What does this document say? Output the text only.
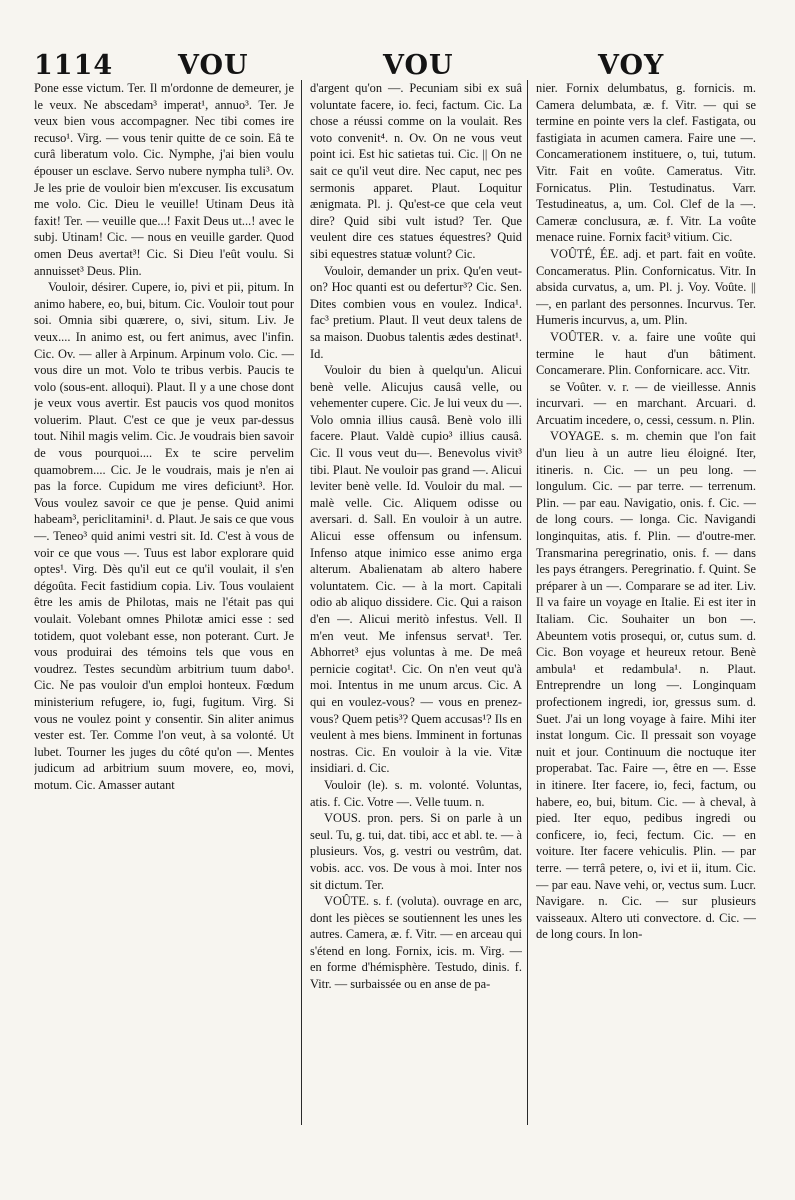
1114 VOU	VOU	VOY

Pone esse victum. Ter. Il m'ordonne de demeurer, je le veux. Ne abscedam³ imperat¹, annuo³. Ter. Je veux bien vous accompagner. Nec tibi comes ire recuso¹. Virg. — vous tenir quitte de ce soin. Eâ te curâ liberatum volo. Cic. Nymphe, j'ai bien voulu épouser un esclave. Servo nubere nympha tuli³. Ov. Je les prie de vouloir bien m'excuser. Iis excusatum me volo. Cic. Dieu le veuille! Utinam Deus ità faxit! Ter. — veuille que...! Faxit Deus ut...! avec le subj. Utinam! Cic. — nous en veuille garder. Quod omen Deus avertat³! Cic. Si Dieu l'eût voulu. Si annuisset³ Deus. Plin.

Vouloir, désirer. Cupere, io, pivi et pii, pitum. In animo habere, eo, bui, bitum. Cic. Vouloir tout pour soi. Omnia sibi quærere, o, sivi, situm. Liv. Je veux.... In animo est, ou fert animus, avec l'infin. Cic. Ov. — aller à Arpinum. Arpinum volo. Cic. — vous dire un mot. Volo te tribus verbis. Paucis te volo (sous-ent. alloqui). Plaut. Il y a une chose dont je veux vous avertir. Est paucis vos quod monitos voluerim. Plaut. C'est ce que je veux par-dessus tout. Nihil magis velim. Cic. Je voudrais bien savoir de vous pourquoi.... Ex te scire pervelim quamobrem.... Cic. Je le voudrais, mais je n'en ai pas la force. Cupidum me vires deficiunt³. Hor. Vous voulez savoir ce que je pense. Quid animi habeam³, periclitamini¹. d. Plaut. Je sais ce que vous —. Teneo³ quid animi vestri sit. Id. C'est à vous de voir ce que vous —. Tuus est labor explorare quid optes¹. Virg. Dès qu'il eut ce qu'il voulait, il s'en dégoûta. Fecit fastidium copia. Liv. Tous voulaient être les amis de Philotas, mais ne l'était pas qui voulait. Volebant omnes Philotæ amici esse : sed totidem, quot volebant esse, non poterant. Curt. Je vous produirai des témoins tels que vous en voudrez. Testes secundùm arbitrium tuum dabo¹. Cic. Ne pas vouloir d'un emploi honteux. Fœdum ministerium refugere, io, fugi, fugitum. Virg. Si vous ne voulez point y consentir. Sin aliter animus vester est. Ter. Comme l'on veut, à sa volonté. Ut lubet. Tourner les juges du côté qu'on —. Mentes judicum ad arbitrium suum movere, eo, movi, motum. Cic. Amasser autant

d'argent qu'on —. Pecuniam sibi ex suâ voluntate facere, io. feci, factum. Cic. La chose a réussi comme on la voulait. Res voto convenit⁴. n. Ov. On ne vous veut point ici. Est hic satietas tui. Cic. || On ne sait ce qu'il veut dire. Nec caput, nec pes sermonis apparet. Plaut. Loquitur ænigmata. Pl. j. Qu'est-ce que cela veut dire? Quid sibi vult istud? Ter. Que veulent dire ces statues équestres? Quid sibi equestres statuæ volunt? Cic.

Vouloir, demander un prix. Qu'en veut-on? Hoc quanti est ou defertur³? Cic. Sen. Dites combien vous en voulez. Indica¹. fac³ pretium. Plaut. Il veut deux talens de sa maison. Duobus talentis ædes destinat¹. Id.

Vouloir du bien à quelqu'un. Alicui benè velle. Alicujus causâ velle, ou vehementer cupere. Cic. Je lui veux du —. Volo omnia illius causâ. Benè volo illi facere. Plaut. Valdè cupio³ illius causâ. Cic. Il vous veut du—. Benevolus vivit³ tibi. Plaut. Ne vouloir pas grand —. Alicui leviter benè velle. Id. Vouloir du mal. — malè velle. Cic. Aliquem odisse ou aversari. d. Sall. En vouloir à un autre. Alicui esse offensum ou infensum. Infenso atque inimico esse animo erga alterum. Abalienatam ab altero habere voluntatem. Cic. — à la mort. Capitali odio ab aliquo dissidere. Cic. Qui a raison d'en —. Alicui meritò infestus. Vell. Il m'en veut. Me infensus servat¹. Ter. Abhorret³ ejus voluntas à me. De meâ pernicie cogitat¹. Cic. On n'en veut qu'à moi. Intentus in me unum arcus. Cic. A qui en voulez-vous? — vous en prenez-vous? Quem petis³? Quem accusas¹? Ils en veulent à mes biens. Imminent in fortunas nostras. Cic. En vouloir à la vie. Vitæ insidiari. d. Cic.

Vouloir (le). s. m. volonté. Voluntas, atis. f. Cic. Votre —. Velle tuum. n.

VOUS. pron. pers. Si on parle à un seul. Tu, g. tui, dat. tibi, acc et abl. te. — à plusieurs. Vos, g. vestri ou vestrûm, dat. vobis. acc. vos. De vous à moi. Inter nos sit dictum. Ter.

VOÛTE. s. f. (voluta). ouvrage en arc, dont les pièces se soutiennent les unes les autres. Camera, æ. f. Vitr. — en arceau qui s'étend en long. Fornix, icis. m. Virg. — en forme d'hémisphère. Testudo, dinis. f. Vitr. — surbaissée ou en anse de pa-

nier. Fornix delumbatus, g. fornicis. m. Camera delumbata, æ. f. Vitr. — qui se termine en pointe vers la clef. Fastigata, ou fastigiata in acumen camera. Faire une —. Concamerationem instituere, o, tui, tutum. Vitr. Fait en voûte. Cameratus. Vitr. Fornicatus. Plin. Testudinatus. Varr. Testudineatus, a, um. Col. Clef de la —. Cameræ conclusura, æ. f. Vitr. La voûte menace ruine. Fornix facit³ vitium. Cic.

VOÛTÉ, ÉE. adj. et part. fait en voûte. Concameratus. Plin. Confornicatus. Vitr. In absida curvatus, a, um. Pl. j. Voy. Voûte. || —, en parlant des personnes. Incurvus. Ter. Humeris incurvus, a, um. Plin.

VOÛTER. v. a. faire une voûte qui termine le haut d'un bâtiment. Concamerare. Plin. Confornicare. acc. Vitr.

se Voûter. v. r. — de vieillesse. Annis incurvari. — en marchant. Arcuari. d. Arcuatim incedere, o, cessi, cessum. n. Plin.

VOYAGE. s. m. chemin que l'on fait d'un lieu à un autre lieu éloigné. Iter, itineris. n. Cic. — un peu long. — longulum. Cic. — par terre. — terrenum. Plin. — par eau. Navigatio, onis. f. Cic. — de long cours. — longa. Cic. Navigandi longinquitas, atis. f. Plin. — d'outre-mer. Transmarina peregrinatio, onis. f. — dans les pays étrangers. Peregrinatio. f. Quint. Se préparer à un —. Comparare se ad iter. Liv. Il va faire un voyage en Italie. Ei est iter in Italiam. Cic. Souhaiter un bon —. Abeuntem votis prosequi, or, cutus sum. d. Cic. Bon voyage et heureux retour. Benè ambula¹ et redambula¹. n. Plaut. Entreprendre un long —. Longinquam profectionem ingredi, ior, gressus sum. d. Suet. J'ai un long voyage à faire. Mihi iter instat longum. Cic. Il pressait son voyage nuit et jour. Continuum die noctuque iter properabat. Tac. Faire —, être en —. Esse in itinere. Iter facere, io, feci, factum, ou habere, eo, bui, bitum. Cic. — à cheval, à pied. Iter equo, pedibus ingredi ou conficere, io, feci, fectum. Cic. — en voiture. Iter facere vehiculis. Plin. — par terre. — terrâ petere, o, ivi et ii, itum. Cic. — par eau. Nave vehi, or, vectus sum. Lucr. Navigare. n. Cic. — sur plusieurs vaisseaux. Altero uti convectore. d. Cic. — de long cours. In lon-
